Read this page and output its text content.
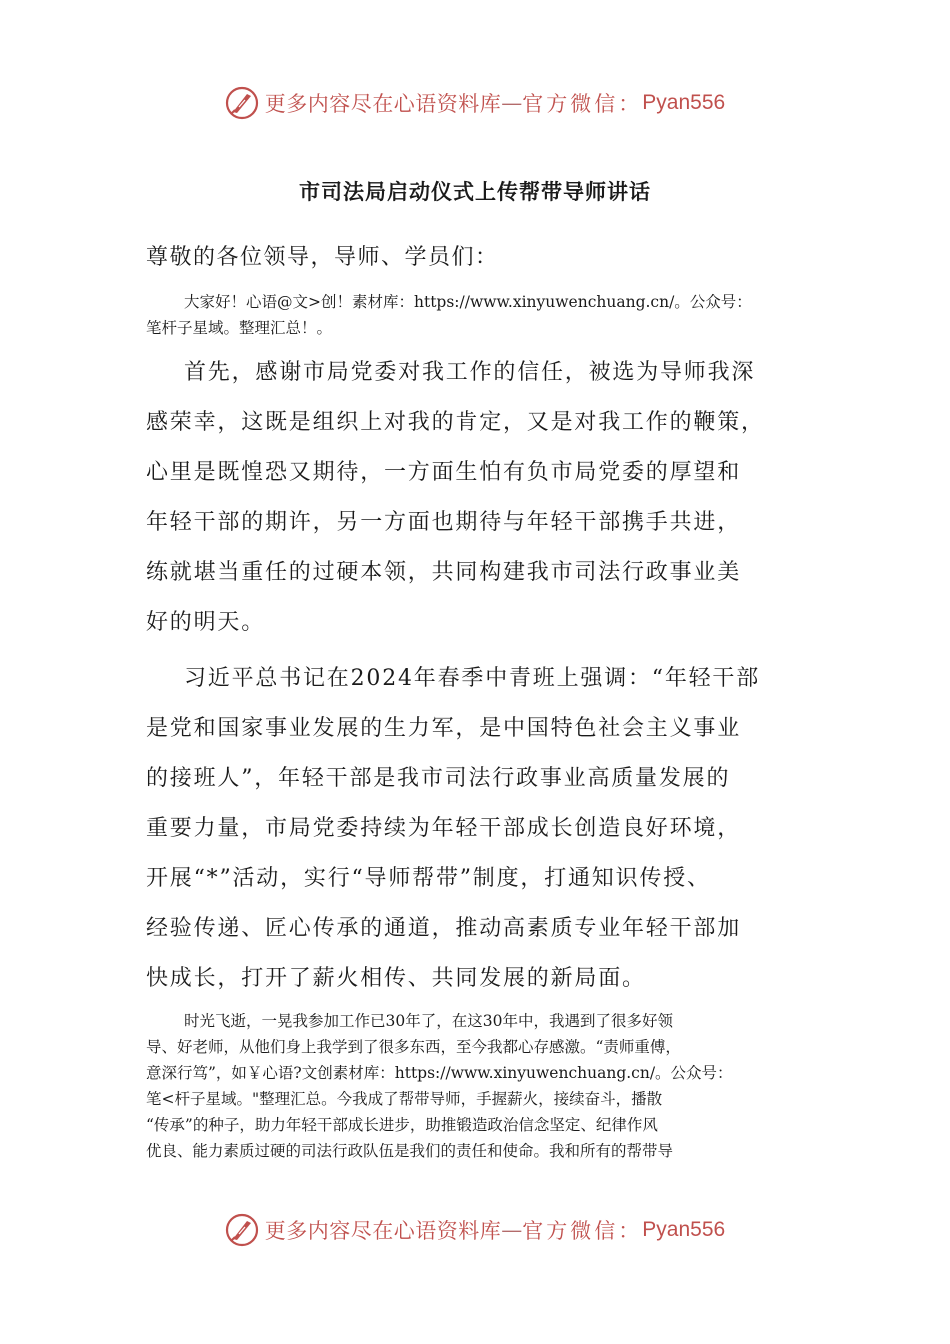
更多内容尽在心语资料库 — 官方微信： Pyan556
市司法局启动仪式上传帮带导师讲话
尊敬的各位领导，导师、学员们：
大家好！心语@文>创！素材库：https://www.xinyuwenchuang.cn/。公众号：
笔杆子星域。整理汇总！。
首先，感谢市局党委对我工作的信任，被选为导师我深
感荣幸，这既是组织上对我的肯定，又是对我工作的鞭策，
心里是既惶恐又期待，一方面生怕有负市局党委的厚望和
年轻干部的期许，另一方面也期待与年轻干部携手共进，
练就堪当重任的过硬本领，共同构建我市司法行政事业美
好的明天。
习近平总书记在2024年春季中青班上强调：“年轻干部
是党和国家事业发展的生力军，是中国特色社会主义事业
的接班人”，年轻干部是我市司法行政事业高质量发展的
重要力量，市局党委持续为年轻干部成长创造良好环境，
开展“*”活动，实行“导师帮带”制度，打通知识传授、
经验传递、匠心传承的通道，推动高素质专业年轻干部加
快成长，打开了薪火相传、共同发展的新局面。
时光飞逝，一晃我参加工作已30年了，在这30年中，我遇到了很多好领
导、好老师，从他们身上我学到了很多东西，至今我都心存感激。“责师重傅，
意深行笃”，如￥心语?文创素材库：https://www.xinyuwenchuang.cn/。公众号：
笔<杆子星域。"整理汇总。今我成了帮带导师，手握薪火，接续奋斗，播散
“传承”的种子，助力年轻干部成长进步，助推锻造政治信念坚定、纪律作风
优良、能力素质过硬的司法行政队伍是我们的责任和使命。我和所有的帮带导
更多内容尽在心语资料库 — 官方微信： Pyan556
